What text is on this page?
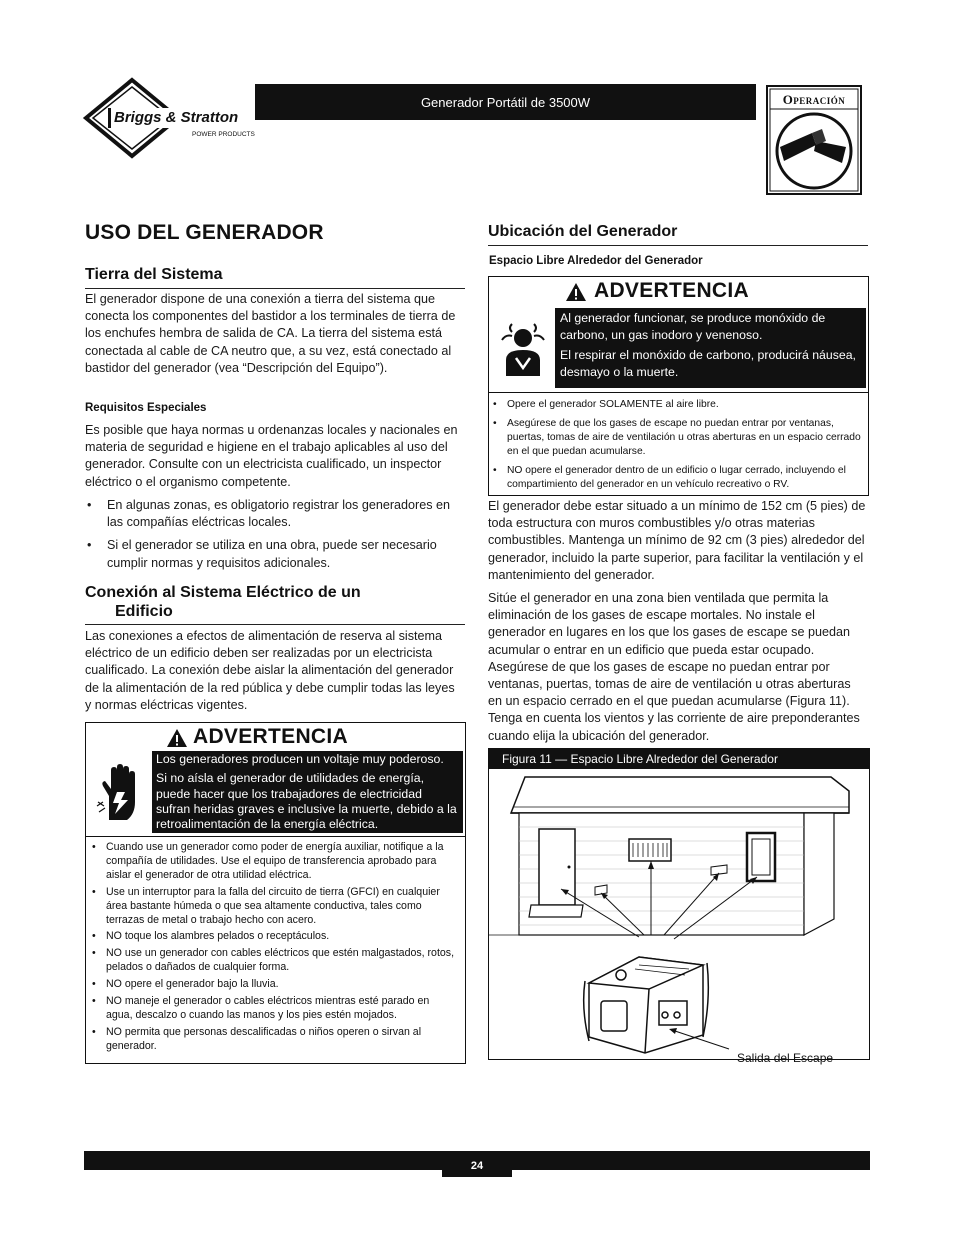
Briggs & Stratton
POWER PRODUCTS
Generador Portátil de 3500W	Operación
USO DEL GENERADOR
Tierra del Sistema

El generador dispone de una conexión a tierra del sistema que conecta los componentes del bastidor a los terminales de tierra de los enchufes hembra de salida de CA. La tierra del sistema está conectada al cable de CA neutro que, a su vez, está conectado al bastidor del generador (vea “Descripción del Equipo”).

Requisitos Especiales

Es posible que haya normas u ordenanzas locales y nacionales en materia de seguridad e higiene en el trabajo aplicables al uso del generador. Consulte con un electricista cualificado, un inspector eléctrico o el organismo competente.

• En algunas zonas, es obligatorio registrar los generadores en las compañías eléctricas locales.
• Si el generador se utiliza en una obra, puede ser necesario cumplir normas y requisitos adicionales.
Conexión al Sistema Eléctrico de un
Edificio

Las conexiones a efectos de alimentación de reserva al sistema eléctrico de un edificio deben ser realizadas por un electricista cualificado. La conexión debe aislar la alimentación del generador de la alimentación de la red pública y debe cumplir todas las leyes y normas eléctricas vigentes.

ADVERTENCIA

Los generadores producen un voltaje muy poderoso.

Si no aísla el generador de utilidades de energía, puede hacer que los trabajadores de electricidad sufran heridas graves e inclusive la muerte, debido a la retroalimentación de la energía eléctrica.

• Cuando use un generador como poder de energía auxiliar, notifique a la compañía de utilidades. Use el equipo de transferencia aprobado para aislar el generador de otra utilidad eléctrica.
• Use un interruptor para la falla del circuito de tierra (GFCI) en cualquier área bastante húmeda o que sea altamente conductiva, tales como terrazas de metal o trabajo hecho con acero.
• NO toque los alambres pelados o receptáculos.
• NO use un generador con cables eléctricos que estén malgastados, rotos, pelados o dañados de cualquier forma.
• NO opere el generador bajo la lluvia.
• NO maneje el generador o cables eléctricos mientras esté parado en agua, descalzo o cuando las manos y los pies estén mojados.
• NO permita que personas descalificadas o niños operen o sirvan al generador.
Ubicación del Generador

Espacio Libre Alrededor del Generador

ADVERTENCIA

Al generador funcionar, se produce monóxido de carbono, un gas inodoro y venenoso.

El respirar el monóxido de carbono, producirá náusea, desmayo o la muerte.

• Opere el generador SOLAMENTE al aire libre.
• Asegúrese de que los gases de escape no puedan entrar por ventanas, puertas, tomas de aire de ventilación u otras aberturas en un espacio cerrado en el que puedan acumularse.
• NO opere el generador dentro de un edificio o lugar cerrado, incluyendo el compartimiento del generador en un vehículo recreativo o RV.

El generador debe estar situado a un mínimo de 152 cm (5 pies) de toda estructura con muros combustibles y/o otras materias combustibles. Mantenga un mínimo de 92 cm (3 pies) alrededor del generador, incluido la parte superior, para facilitar la ventilación y el mantenimiento del generador.

Sitúe el generador en una zona bien ventilada que permita la eliminación de los gases de escape mortales. No instale el generador en lugares en los que los gases de escape se puedan acumular o entrar en un edificio que pueda estar ocupado. Asegúrese de que los gases de escape no puedan entrar por ventanas, puertas, tomas de aire de ventilación u otras aberturas en un espacio cerrado en el que puedan acumularse (Figura 11). Tenga en cuenta los vientos y las corriente de aire preponderantes cuando elija la ubicación del generador.

Figura 11 — Espacio Libre Alrededor del Generador
Salida del Escape
24
